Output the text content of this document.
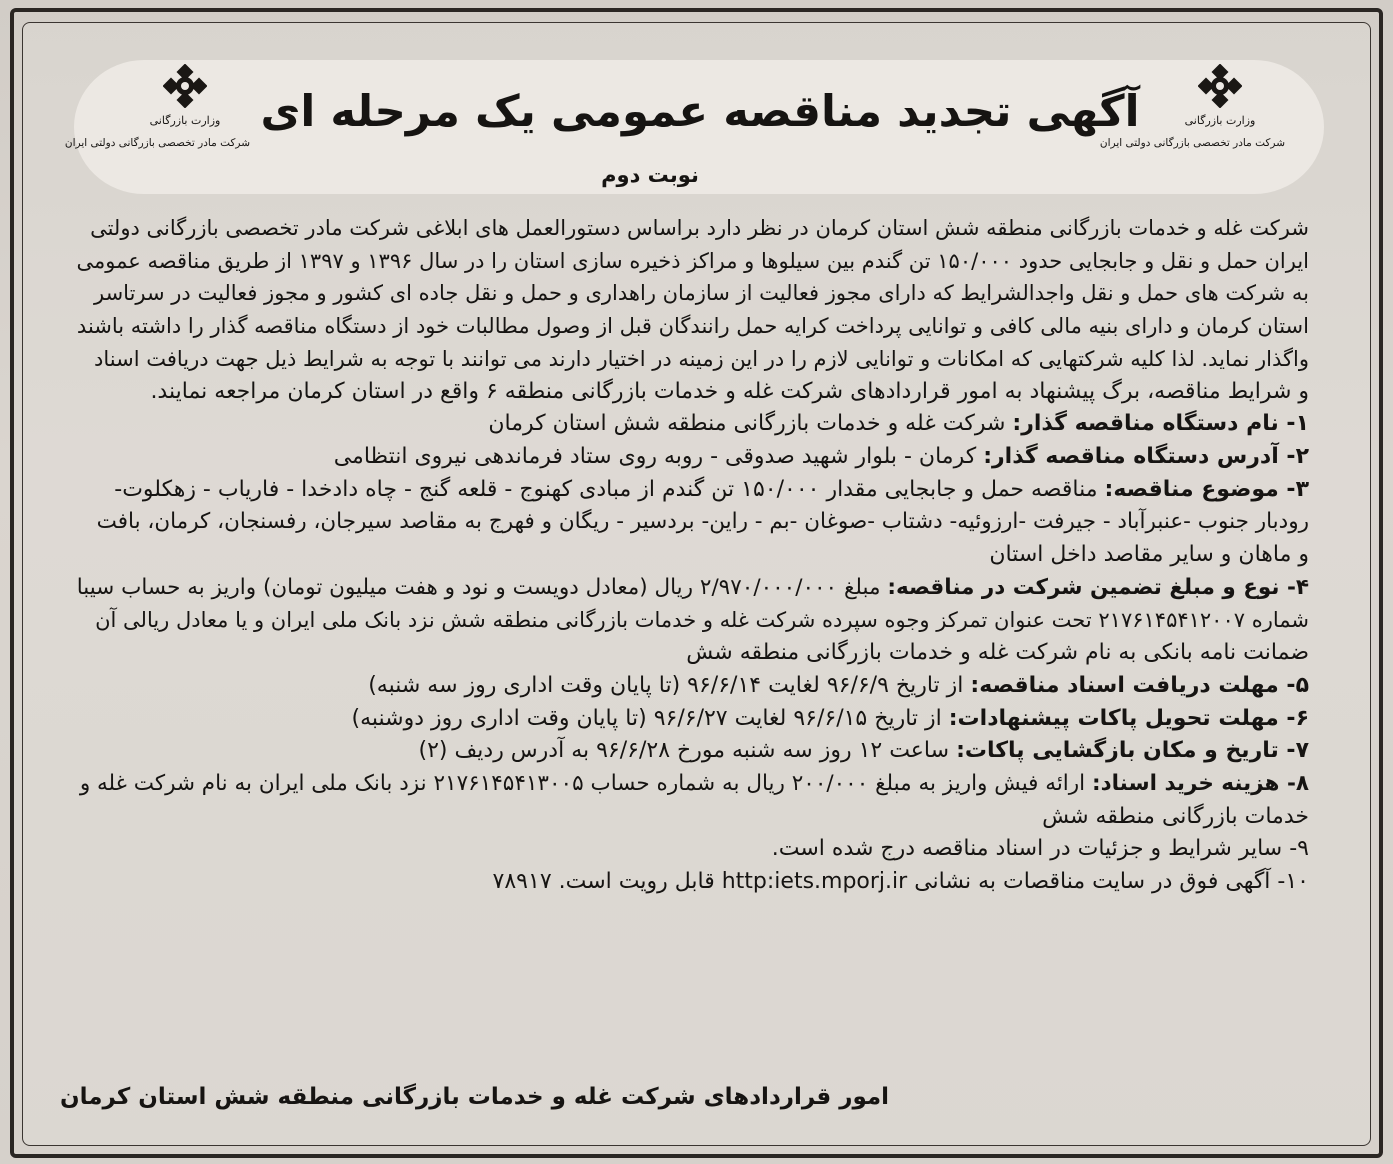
وزارت بازرگانی
شرکت مادر تخصصی بازرگانی دولتی ایران
وزارت بازرگانی
شرکت مادر تخصصی بازرگانی دولتی ایران
آگهی تجدید مناقصه عمومی یک مرحله ای
نوبت دوم
شرکت غله و خدمات بازرگانی منطقه شش استان کرمان در نظر دارد براساس دستورالعمل های ابلاغی شرکت مادر تخصصی بازرگانی دولتی
ایران حمل و نقل و جابجایی حدود ۱۵۰/۰۰۰ تن گندم بین سیلوها و مراکز ذخیره سازی استان را در سال ۱۳۹۶ و ۱۳۹۷ از طریق مناقصه عمومی
به شرکت های حمل و نقل واجدالشرایط که دارای مجوز فعالیت از سازمان راهداری و حمل و نقل جاده ای کشور و مجوز فعالیت در سرتاسر
استان کرمان و دارای بنیه مالی کافی و توانایی پرداخت کرایه حمل رانندگان قبل از وصول مطالبات خود از دستگاه مناقصه گذار را داشته باشند
واگذار نماید. لذا کلیه شرکتهایی که امکانات و توانایی لازم را در این زمینه در اختیار دارند می توانند با توجه به شرایط ذیل جهت دریافت اسناد
و شرایط مناقصه، برگ پیشنهاد به امور قراردادهای شرکت غله و خدمات بازرگانی منطقه ۶ واقع در استان کرمان مراجعه نمایند.
۱- نام دستگاه مناقصه گذار: شرکت غله و خدمات بازرگانی منطقه شش استان کرمان
۲- آدرس دستگاه مناقصه گذار: کرمان - بلوار شهید صدوقی - روبه روی ستاد فرماندهی نیروی انتظامی
۳- موضوع مناقصه: مناقصه حمل و جابجایی مقدار ۱۵۰/۰۰۰ تن گندم از مبادی کهنوج - قلعه گنج - چاه دادخدا - فاریاب - زهکلوت-
رودبار جنوب -عنبرآباد - جیرفت -ارزوئیه- دشتاب -صوغان -بم - راین- بردسیر - ریگان و فهرج به مقاصد سیرجان، رفسنجان، کرمان، بافت
و ماهان و سایر مقاصد داخل استان
۴- نوع و مبلغ تضمین شرکت در مناقصه: مبلغ ۲/۹۷۰/۰۰۰/۰۰۰ ریال (معادل دویست و نود و هفت میلیون تومان) واریز به حساب سیبا
شماره ۲۱۷۶۱۴۵۴۱۲۰۰۷ تحت عنوان تمرکز وجوه سپرده شرکت غله و خدمات بازرگانی منطقه شش نزد بانک ملی ایران و یا معادل ریالی آن
ضمانت نامه بانکی به نام شرکت غله و خدمات بازرگانی منطقه شش
۵- مهلت دریافت اسناد مناقصه: از تاریخ ۹۶/۶/۹ لغایت ۹۶/۶/۱۴ (تا پایان وقت اداری روز سه شنبه)
۶- مهلت تحویل پاکات پیشنهادات: از تاریخ ۹۶/۶/۱۵ لغایت ۹۶/۶/۲۷ (تا پایان وقت اداری روز دوشنبه)
۷- تاریخ و مکان بازگشایی پاکات: ساعت ۱۲ روز سه شنبه مورخ ۹۶/۶/۲۸ به آدرس ردیف (۲)
۸- هزینه خرید اسناد: ارائه فیش واریز به مبلغ ۲۰۰/۰۰۰ ریال به شماره حساب ۲۱۷۶۱۴۵۴۱۳۰۰۵ نزد بانک ملی ایران به نام شرکت غله و
خدمات بازرگانی منطقه شش
۹- سایر شرایط و جزئیات در اسناد مناقصه درج شده است.
۱۰- آگهی فوق در سایت مناقصات به نشانی http:iets.mporj.ir قابل رویت است. ۷۸۹۱۷
امور قراردادهای شرکت غله و خدمات بازرگانی منطقه شش استان کرمان
